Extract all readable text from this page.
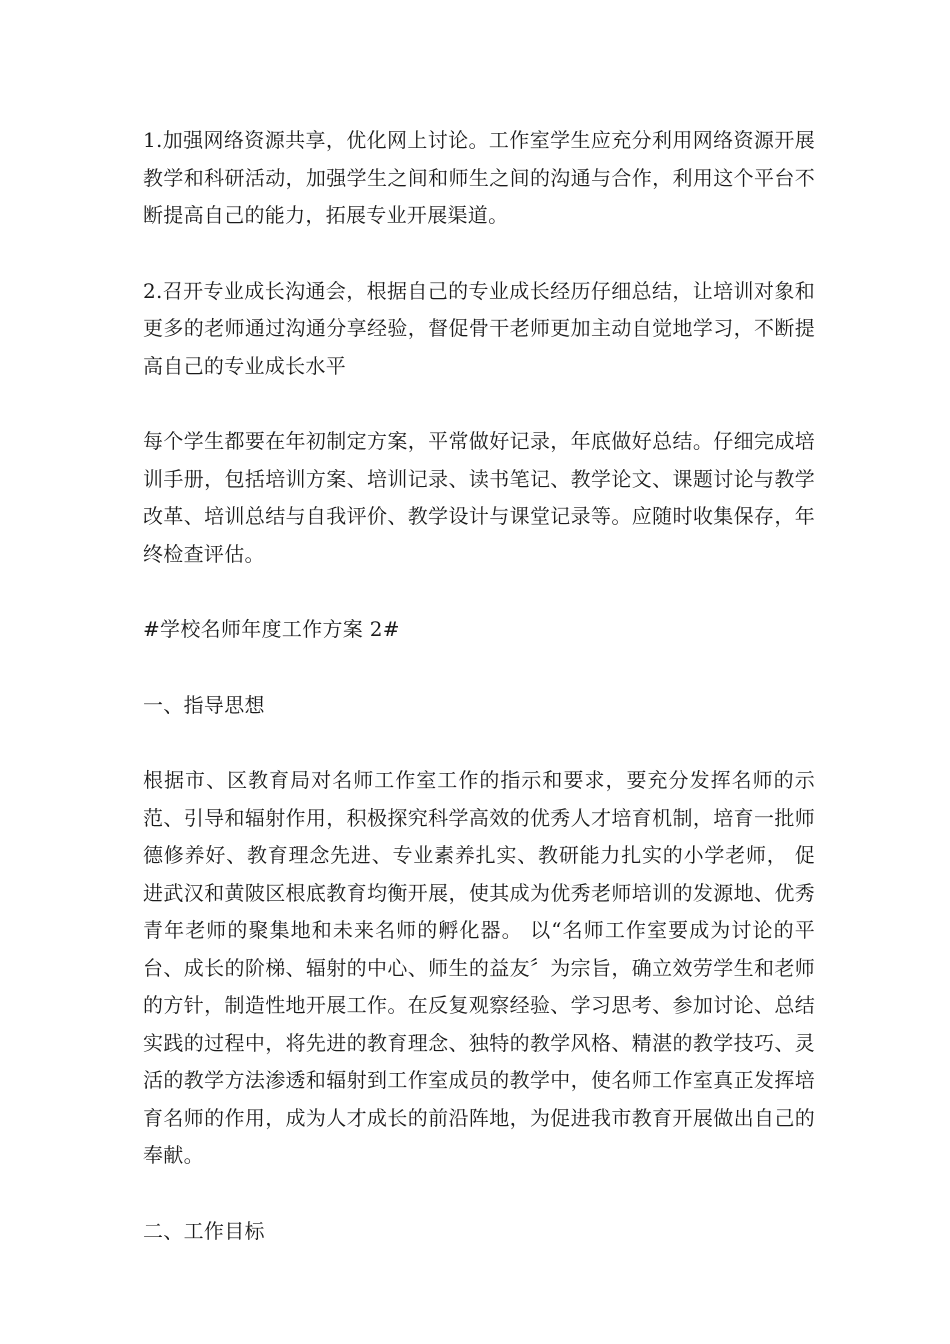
1.加强网络资源共享，优化网上讨论。工作室学生应充分利用网络资源开展教学和科研活动，加强学生之间和师生之间的沟通与合作，利用这个平台不断提高自己的能力，拓展专业开展渠道。

2.召开专业成长沟通会，根据自己的专业成长经历仔细总结，让培训对象和更多的老师通过沟通分享经验，督促骨干老师更加主动自觉地学习，不断提高自己的专业成长水平

每个学生都要在年初制定方案，平常做好记录，年底做好总结。仔细完成培训手册，包括培训方案、培训记录、读书笔记、教学论文、课题讨论与教学改革、培训总结与自我评价、教学设计与课堂记录等。应随时收集保存，年终检查评估。

#学校名师年度工作方案 2#

一、指导思想

根据市、区教育局对名师工作室工作的指示和要求，要充分发挥名师的示范、引导和辐射作用，积极探究科学高效的优秀人才培育机制，培育一批师德修养好、教育理念先进、专业素养扎实、教研能力扎实的小学老师， 促进武汉和黄陂区根底教育均衡开展，使其成为优秀老师培训的发源地、优秀青年老师的聚集地和未来名师的孵化器。 以“名师工作室要成为讨论的平台、成长的阶梯、辐射的中心、师生的益友〞为宗旨，确立效劳学生和老师的方针，制造性地开展工作。在反复观察经验、学习思考、参加讨论、总结实践的过程中，将先进的教育理念、独特的教学风格、精湛的教学技巧、灵活的教学方法渗透和辐射到工作室成员的教学中，使名师工作室真正发挥培育名师的作用，成为人才成长的前沿阵地，为促进我市教育开展做出自己的奉献。

二、工作目标
